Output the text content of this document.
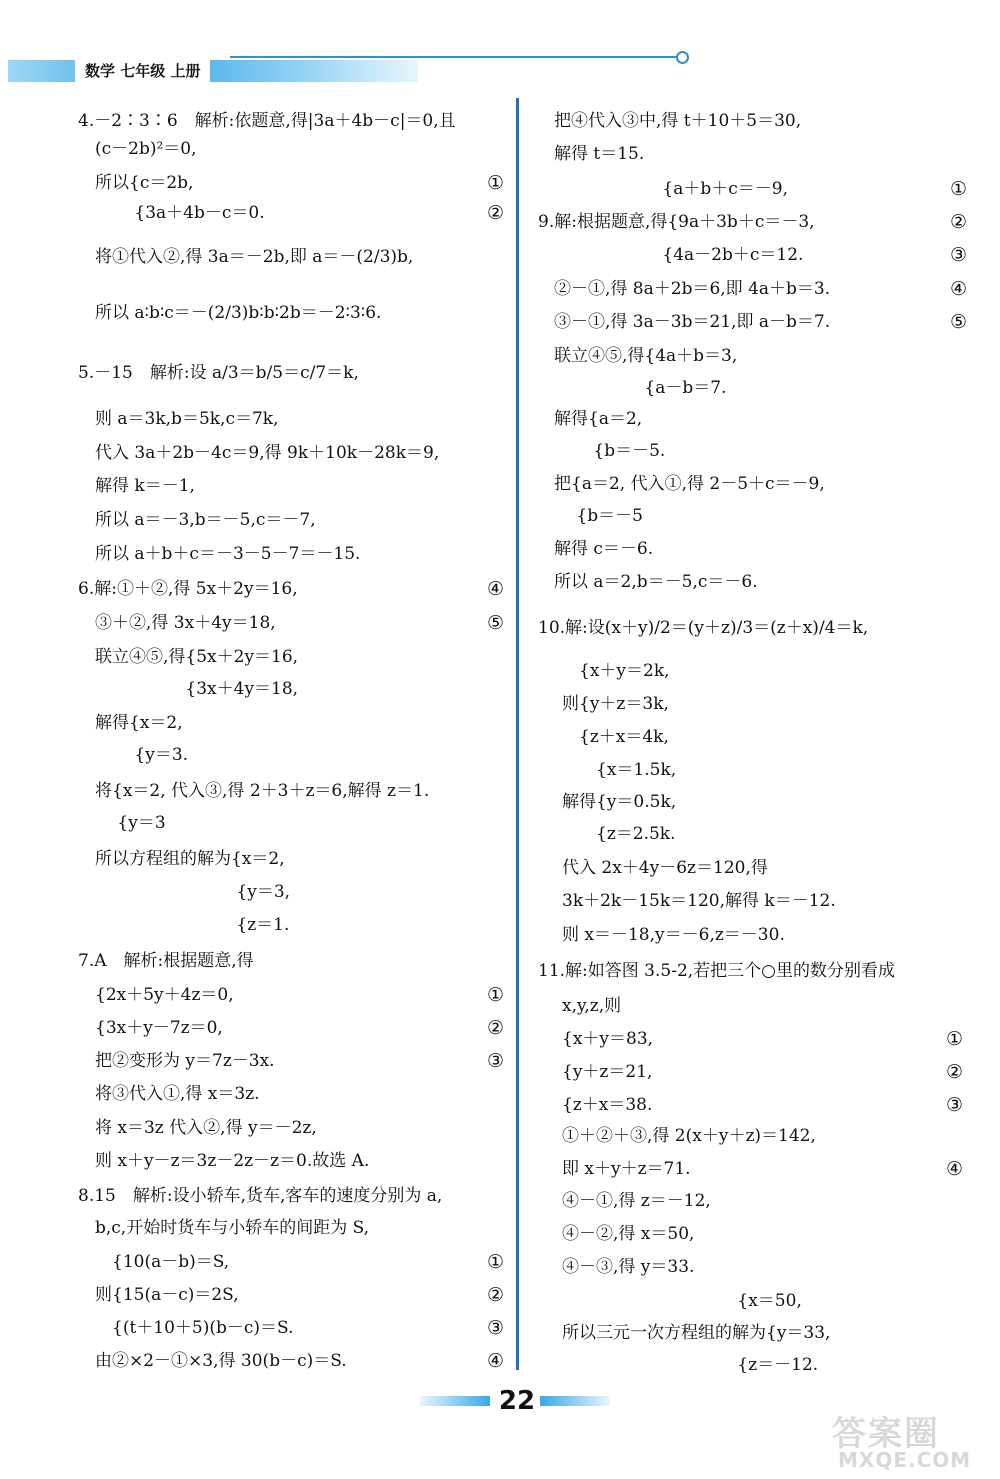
数学 七年级 上册
4.－2∶3∶6　解析:依题意,得|3a＋4b－c|＝0,且
(c－2b)²＝0,
所以{c＝2b,
　　 {3a＋4b－c＝0.
将①代入②,得 3a＝－2b,即 a＝－(2/3)b,
所以 a∶b∶c＝－(2/3)b∶b∶2b＝－2∶3∶6.
5.－15　解析:设 a/3＝b/5＝c/7＝k,
则 a＝3k,b＝5k,c＝7k,
代入 3a＋2b－4c＝9,得 9k＋10k－28k＝9,
解得 k＝－1,
所以 a＝－3,b＝－5,c＝－7,
所以 a＋b＋c＝－3－5－7＝－15.
6.解:①＋②,得 5x＋2y＝16,
③＋②,得 3x＋4y＝18,
联立④⑤,得{5x＋2y＝16,
　　　　　 {3x＋4y＝18,
解得{x＝2,
　　 {y＝3.
将{x＝2, 代入③,得 2＋3＋z＝6,解得 z＝1.
　 {y＝3
所以方程组的解为{x＝2,
　　　　　　　　 {y＝3,
　　　　　　　　 {z＝1.
7.A　解析:根据题意,得
{2x＋5y＋4z＝0,
{3x＋y－7z＝0,
把②变形为 y＝7z－3x.
将③代入①,得 x＝3z.
将 x＝3z 代入②,得 y＝－2z,
则 x＋y－z＝3z－2z－z＝0.故选 A.
8.15　解析:设小轿车,货车,客车的速度分别为 a,
b,c,开始时货车与小轿车的间距为 S,
　{10(a－b)＝S,
则{15(a－c)＝2S,
　{(t＋10＋5)(b－c)＝S.
由②×2－①×3,得 30(b－c)＝S.
①
②
④
⑤
①
②
③
①
②
③
④
把④代入③中,得 t＋10＋5＝30,
解得 t＝15.
　　　　　　　 {a＋b＋c＝－9,
9.解:根据题意,得{9a＋3b＋c＝－3,
　　　　　　　 {4a－2b＋c＝12.
②－①,得 8a＋2b＝6,即 4a＋b＝3.
③－①,得 3a－3b＝21,即 a－b＝7.
联立④⑤,得{4a＋b＝3,
　　　　　 {a－b＝7.
解得{a＝2,
　　 {b＝－5.
把{a＝2, 代入①,得 2－5＋c＝－9,
　 {b＝－5
解得 c＝－6.
所以 a＝2,b＝－5,c＝－6.
10.解:设(x＋y)/2＝(y＋z)/3＝(z＋x)/4＝k,
　{x＋y＝2k,
则{y＋z＝3k,
　{z＋x＝4k,
　　{x＝1.5k,
解得{y＝0.5k,
　　{z＝2.5k.
代入 2x＋4y－6z＝120,得
3k＋2k－15k＝120,解得 k＝－12.
则 x＝－18,y＝－6,z＝－30.
11.解:如答图 3.5-2,若把三个○里的数分别看成
x,y,z,则
{x＋y＝83,
{y＋z＝21,
{z＋x＝38.
①＋②＋③,得 2(x＋y＋z)＝142,
即 x＋y＋z＝71.
④－①,得 z＝－12,
④－②,得 x＝50,
④－③,得 y＝33.
　　　　　　　　　　 {x＝50,
所以三元一次方程组的解为{y＝33,
　　　　　　　　　　 {z＝－12.
①
②
③
④
⑤
①
②
③
④
22
答案圈
MXQE.COM
